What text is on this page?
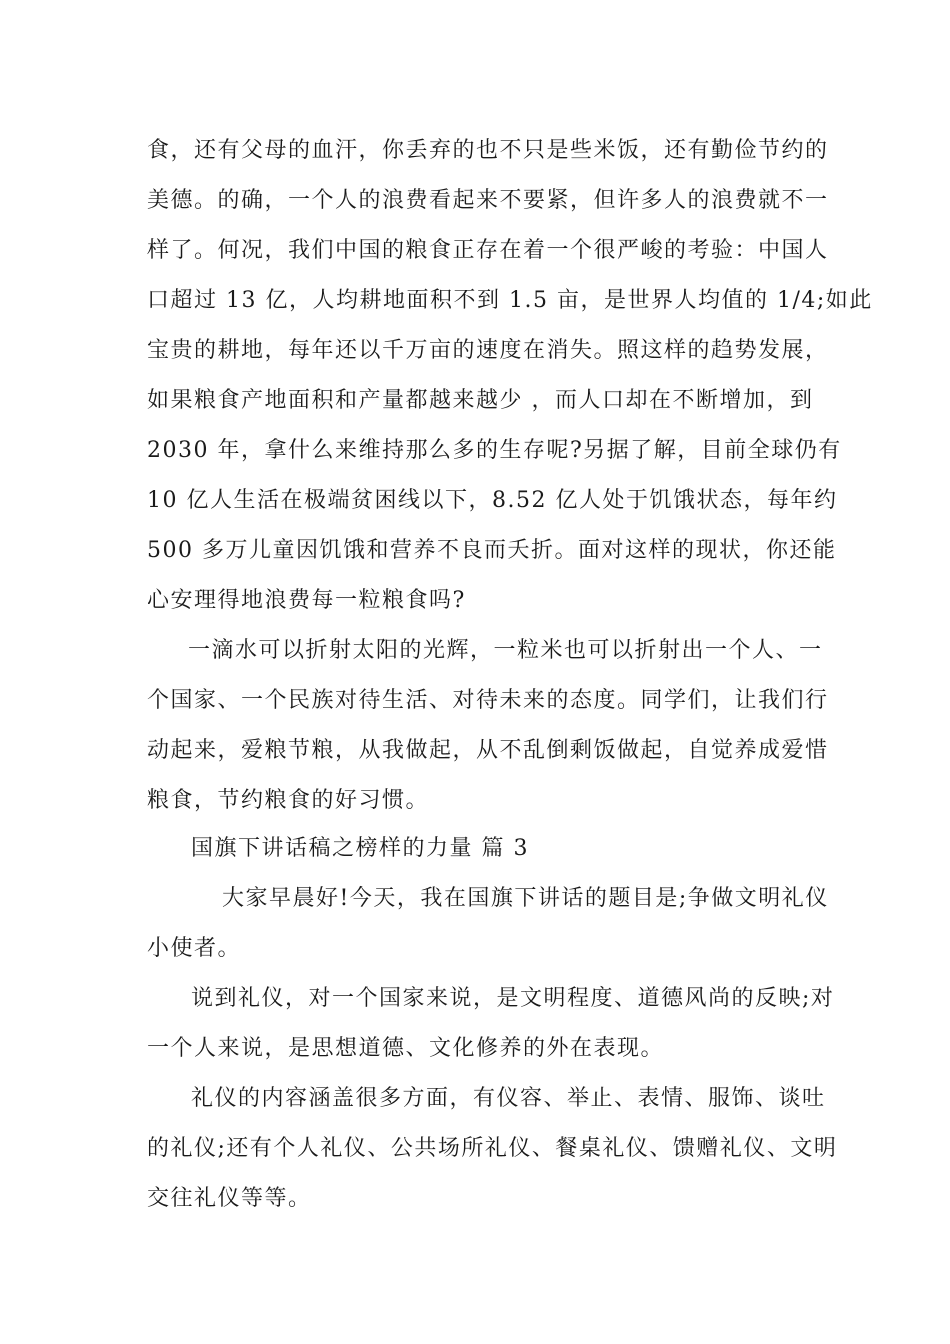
食，还有父母的血汗，你丢弃的也不只是些米饭，还有勤俭节约的
美德。的确，一个人的浪费看起来不要紧，但许多人的浪费就不一
样了。何况，我们中国的粮食正存在着一个很严峻的考验：中国人
口超过 13 亿，人均耕地面积不到 1.5 亩，是世界人均值的 1/4;如此
宝贵的耕地，每年还以千万亩的速度在消失。照这样的趋势发展，
如果粮食产地面积和产量都越来越少 ，而人口却在不断增加，到
2030 年，拿什么来维持那么多的生存呢?另据了解，目前全球仍有
10 亿人生活在极端贫困线以下，8.52 亿人处于饥饿状态，每年约
500 多万儿童因饥饿和营养不良而夭折。面对这样的现状，你还能
心安理得地浪费每一粒粮食吗?
一滴水可以折射太阳的光辉，一粒米也可以折射出一个人、一
个国家、一个民族对待生活、对待未来的态度。同学们，让我们行
动起来，爱粮节粮，从我做起，从不乱倒剩饭做起，自觉养成爱惜
粮食，节约粮食的好习惯。
国旗下讲话稿之榜样的力量 篇 3
大家早晨好!今天，我在国旗下讲话的题目是;争做文明礼仪
小使者。
说到礼仪，对一个国家来说，是文明程度、道德风尚的反映;对
一个人来说，是思想道德、文化修养的外在表现。
礼仪的内容涵盖很多方面，有仪容、举止、表情、服饰、谈吐
的礼仪;还有个人礼仪、公共场所礼仪、餐桌礼仪、馈赠礼仪、文明
交往礼仪等等。
